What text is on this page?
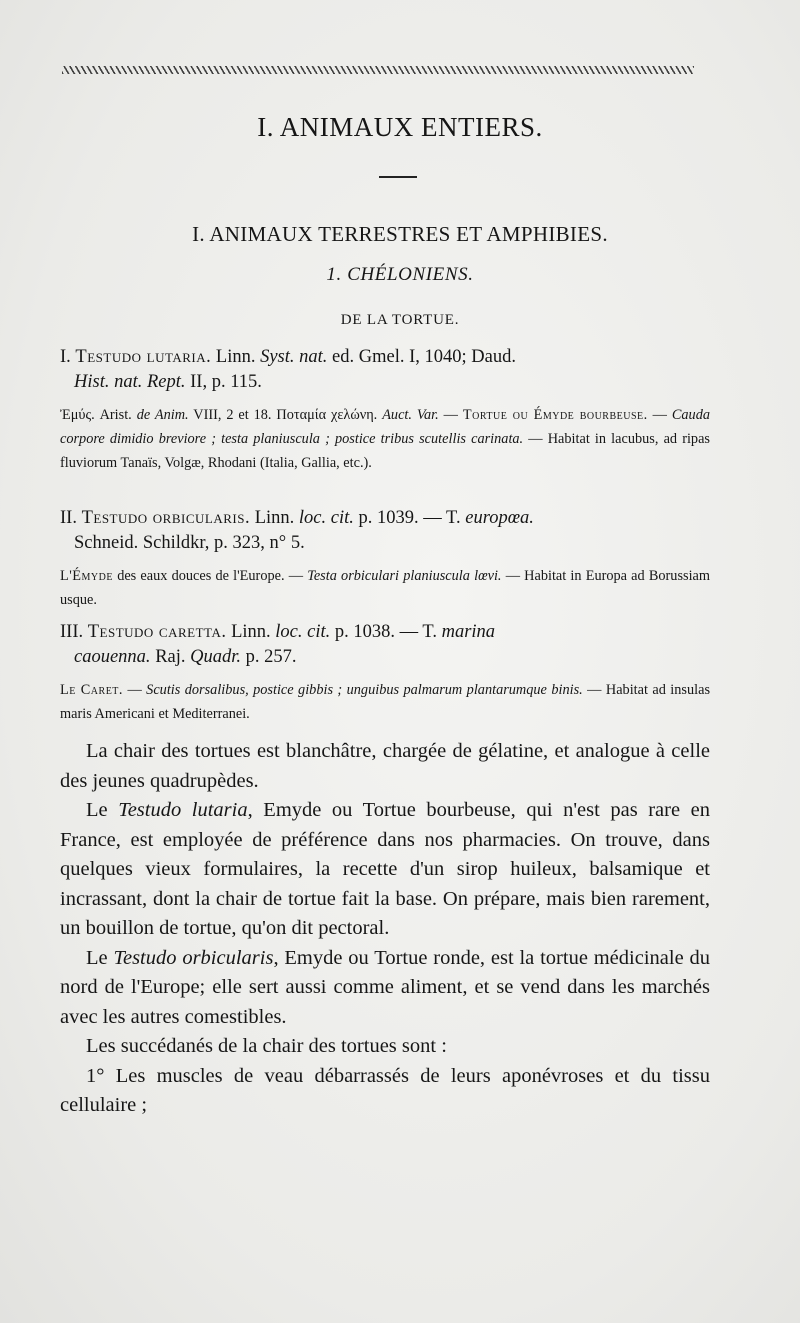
I. ANIMAUX ENTIERS.
I. ANIMAUX TERRESTRES ET AMPHIBIES.
1. CHÉLONIENS.
DE LA TORTUE.

I. Testudo lutaria. Linn. Syst. nat. ed. Gmel. I, 1040; Daud.

Hist. nat. Rept. II, p. 115.

Ἐμύς. Arist. de Anim. VIII, 2 et 18. Ποταμία χελώνη. Auct. Var. — Tortue ou Émyde bourbeuse. — Cauda corpore dimidio breviore ; testa planiuscula ; postice tribus scutellis carinata. — Habitat in lacubus, ad ripas fluviorum Tanaïs, Volgæ, Rhodani (Italia, Gallia, etc.).

II. Testudo orbicularis. Linn. loc. cit. p. 1039. — T. europœa.

Schneid. Schildkr, p. 323, n° 5.

L'Émyde des eaux douces de l'Europe. — Testa orbiculari planiuscula lœvi. — Habitat in Europa ad Borussiam usque.

III. Testudo caretta. Linn. loc. cit. p. 1038. — T. marina

caouenna. Raj. Quadr. p. 257.

Le Caret. — Scutis dorsalibus, postice gibbis ; unguibus palmarum plantarumque binis. — Habitat ad insulas maris Americani et Mediterranei.

La chair des tortues est blanchâtre, chargée de gélatine, et analogue à celle des jeunes quadrupèdes.

Le Testudo lutaria, Emyde ou Tortue bourbeuse, qui n'est pas rare en France, est employée de préférence dans nos pharmacies. On trouve, dans quelques vieux formulaires, la recette d'un sirop huileux, balsamique et incrassant, dont la chair de tortue fait la base. On prépare, mais bien rarement, un bouillon de tortue, qu'on dit pectoral.

Le Testudo orbicularis, Emyde ou Tortue ronde, est la tortue médicinale du nord de l'Europe; elle sert aussi comme aliment, et se vend dans les marchés avec les autres comestibles.

Les succédanés de la chair des tortues sont :

1° Les muscles de veau débarrassés de leurs aponévroses et du tissu cellulaire ;
